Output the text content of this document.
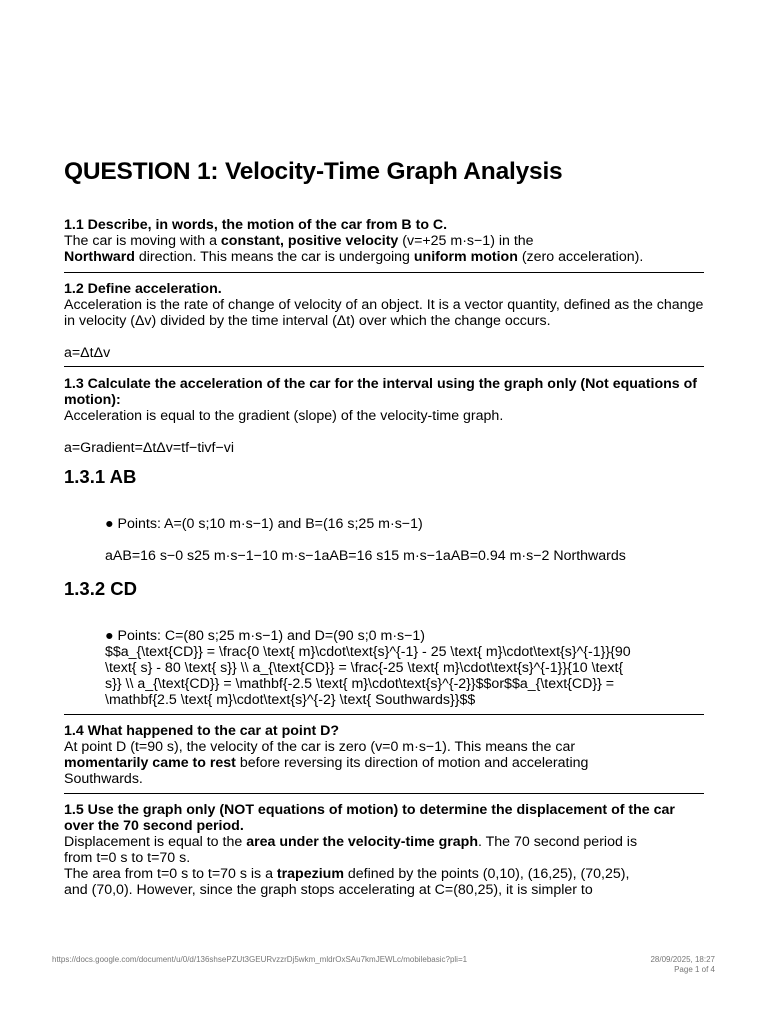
QUESTION 1: Velocity-Time Graph Analysis
1.1 Describe, in words, the motion of the car from B to C.
The car is moving with a constant, positive velocity (v=+25 m·s−1) in the
Northward direction. This means the car is undergoing uniform motion (zero acceleration).
1.2 Define acceleration.
Acceleration is the rate of change of velocity of an object. It is a vector quantity, defined as the change in velocity (Δv) divided by the time interval (Δt) over which the change occurs.
a=ΔtΔv
1.3 Calculate the acceleration of the car for the interval using the graph only (Not equations of motion):
Acceleration is equal to the gradient (slope) of the velocity-time graph.
a=Gradient=ΔtΔv=tf−tivf−vi
1.3.1 AB
● Points: A=(0 s;10 m·s−1) and B=(16 s;25 m·s−1)
aAB=16 s−0 s25 m·s−1−10 m·s−1aAB=16 s15 m·s−1aAB=0.94 m·s−2 Northwards
1.3.2 CD
● Points: C=(80 s;25 m·s−1) and D=(90 s;0 m·s−1)
$$a_{\text{CD}} = \frac{0 \text{ m}\cdot\text{s}^{-1} - 25 \text{ m}\cdot\text{s}^{-1}}{90
\text{ s} - 80 \text{ s}} \\ a_{\text{CD}} = \frac{-25 \text{ m}\cdot\text{s}^{-1}}{10 \text{
s}} \\ a_{\text{CD}} = \mathbf{-2.5 \text{ m}\cdot\text{s}^{-2}}$$or$$a_{\text{CD}} =
\mathbf{2.5 \text{ m}\cdot\text{s}^{-2} \text{ Southwards}}$$
1.4 What happened to the car at point D?
At point D (t=90 s), the velocity of the car is zero (v=0 m·s−1). This means the car
momentarily came to rest before reversing its direction of motion and accelerating
Southwards.
1.5 Use the graph only (NOT equations of motion) to determine the displacement of the car over the 70 second period.
Displacement is equal to the area under the velocity-time graph. The 70 second period is
from t=0 s to t=70 s.
The area from t=0 s to t=70 s is a trapezium defined by the points (0,10), (16,25), (70,25),
and (70,0). However, since the graph stops accelerating at C=(80,25), it is simpler to
https://docs.google.com/document/u/0/d/136shsePZUt3GEURvzzrDj5wkm_mldrOxSAu7kmJEWLc/mobilebasic?pli=1	28/09/2025, 18:27
Page 1 of 4
